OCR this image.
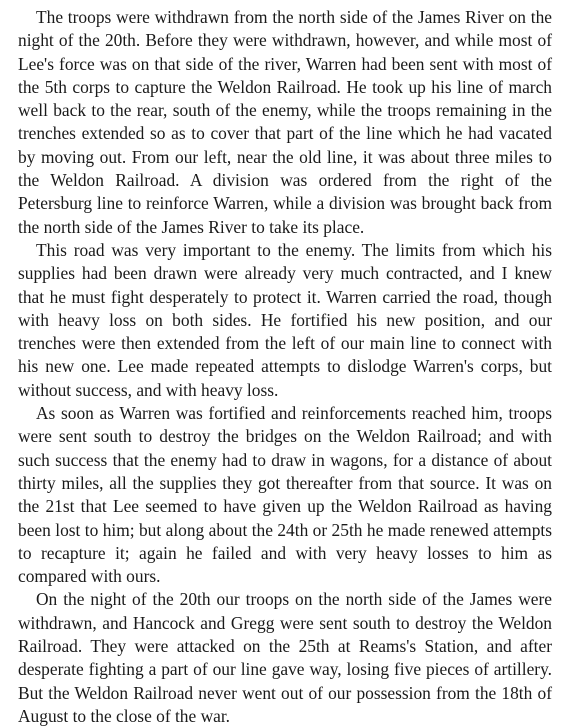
The troops were withdrawn from the north side of the James River on the night of the 20th. Before they were withdrawn, however, and while most of Lee's force was on that side of the river, Warren had been sent with most of the 5th corps to capture the Weldon Railroad. He took up his line of march well back to the rear, south of the enemy, while the troops remaining in the trenches extended so as to cover that part of the line which he had vacated by moving out. From our left, near the old line, it was about three miles to the Weldon Railroad. A division was ordered from the right of the Petersburg line to reinforce Warren, while a division was brought back from the north side of the James River to take its place.

This road was very important to the enemy. The limits from which his supplies had been drawn were already very much contracted, and I knew that he must fight desperately to protect it. Warren carried the road, though with heavy loss on both sides. He fortified his new position, and our trenches were then extended from the left of our main line to connect with his new one. Lee made repeated attempts to dislodge Warren's corps, but without success, and with heavy loss.

As soon as Warren was fortified and reinforcements reached him, troops were sent south to destroy the bridges on the Weldon Railroad; and with such success that the enemy had to draw in wagons, for a distance of about thirty miles, all the supplies they got thereafter from that source. It was on the 21st that Lee seemed to have given up the Weldon Railroad as having been lost to him; but along about the 24th or 25th he made renewed attempts to recapture it; again he failed and with very heavy losses to him as compared with ours.

On the night of the 20th our troops on the north side of the James were withdrawn, and Hancock and Gregg were sent south to destroy the Weldon Railroad. They were attacked on the 25th at Reams's Station, and after desperate fighting a part of our line gave way, losing five pieces of artillery. But the Weldon Railroad never went out of our possession from the 18th of August to the close of the war.
